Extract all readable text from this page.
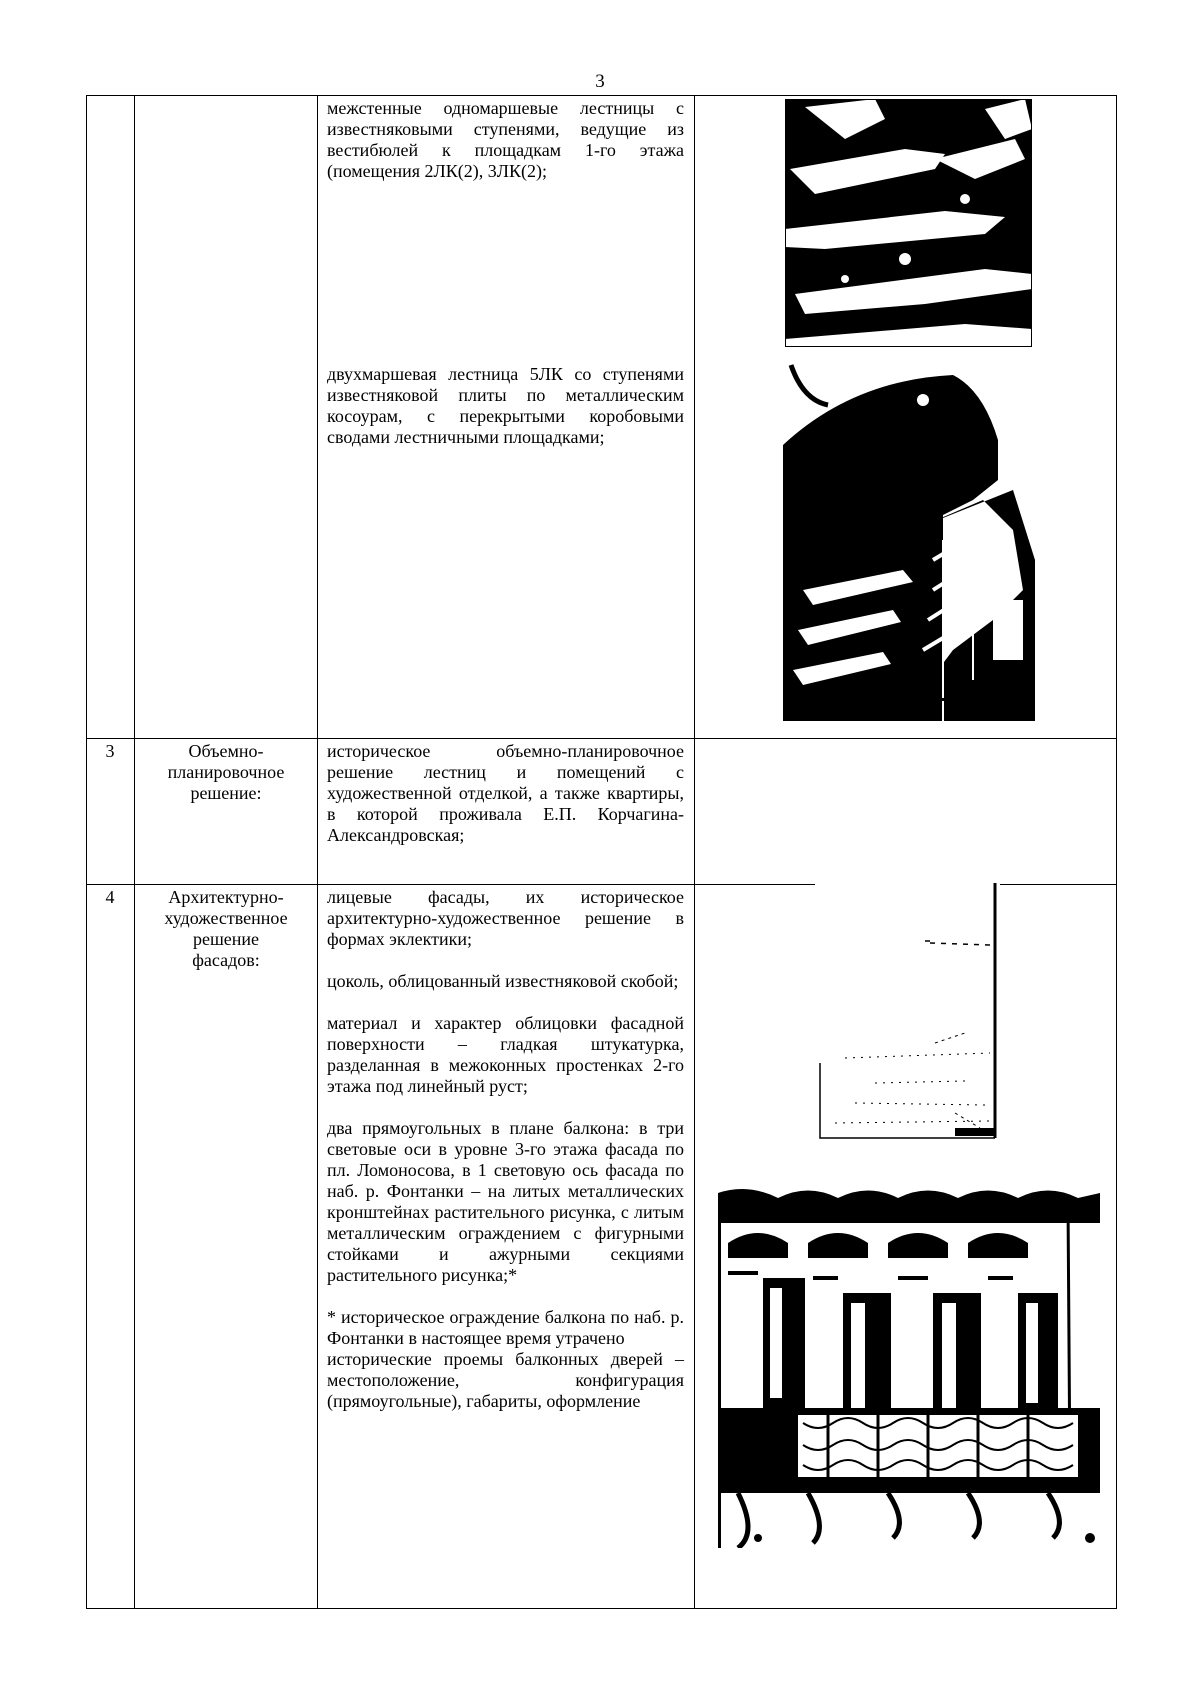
3

межстенные одномаршевые лестницы с известняковыми ступенями, ведущие из вестибюлей к площадкам 1-го этажа (помещения 2ЛК(2), 3ЛК(2);

двухмаршевая лестница 5ЛК со ступенями известняковой плиты по металлическим косоурам, с перекрытыми коробовыми сводами лестничными площадками;

3	Объемно-
планировочное
решение:

историческое объемно-планировочное решение лестниц и помещений с художественной отделкой, а также квартиры, в которой проживала Е.П. Корчагина-Александровская;

4	Архитектурно-
художественное
решение
фасадов:

лицевые фасады, их историческое архитектурно-художественное решение в формах эклектики;

цоколь, облицованный известняковой скобой;

материал и характер облицовки фасадной поверхности – гладкая штукатурка, разделанная в межоконных простенках 2-го этажа под линейный руст;

два прямоугольных в плане балкона: в три световые оси в уровне 3-го этажа фасада по пл. Ломоносова, в 1 световую ось фасада по наб. р. Фонтанки – на литых металлических кронштейнах растительного рисунка, с литым металлическим ограждением с фигурными стойками и ажурными секциями растительного рисунка;*

* историческое ограждение балкона по наб. р. Фонтанки в настоящее время утрачено

исторические проемы балконных дверей – местоположение, конфигурация (прямоугольные), габариты, оформление
